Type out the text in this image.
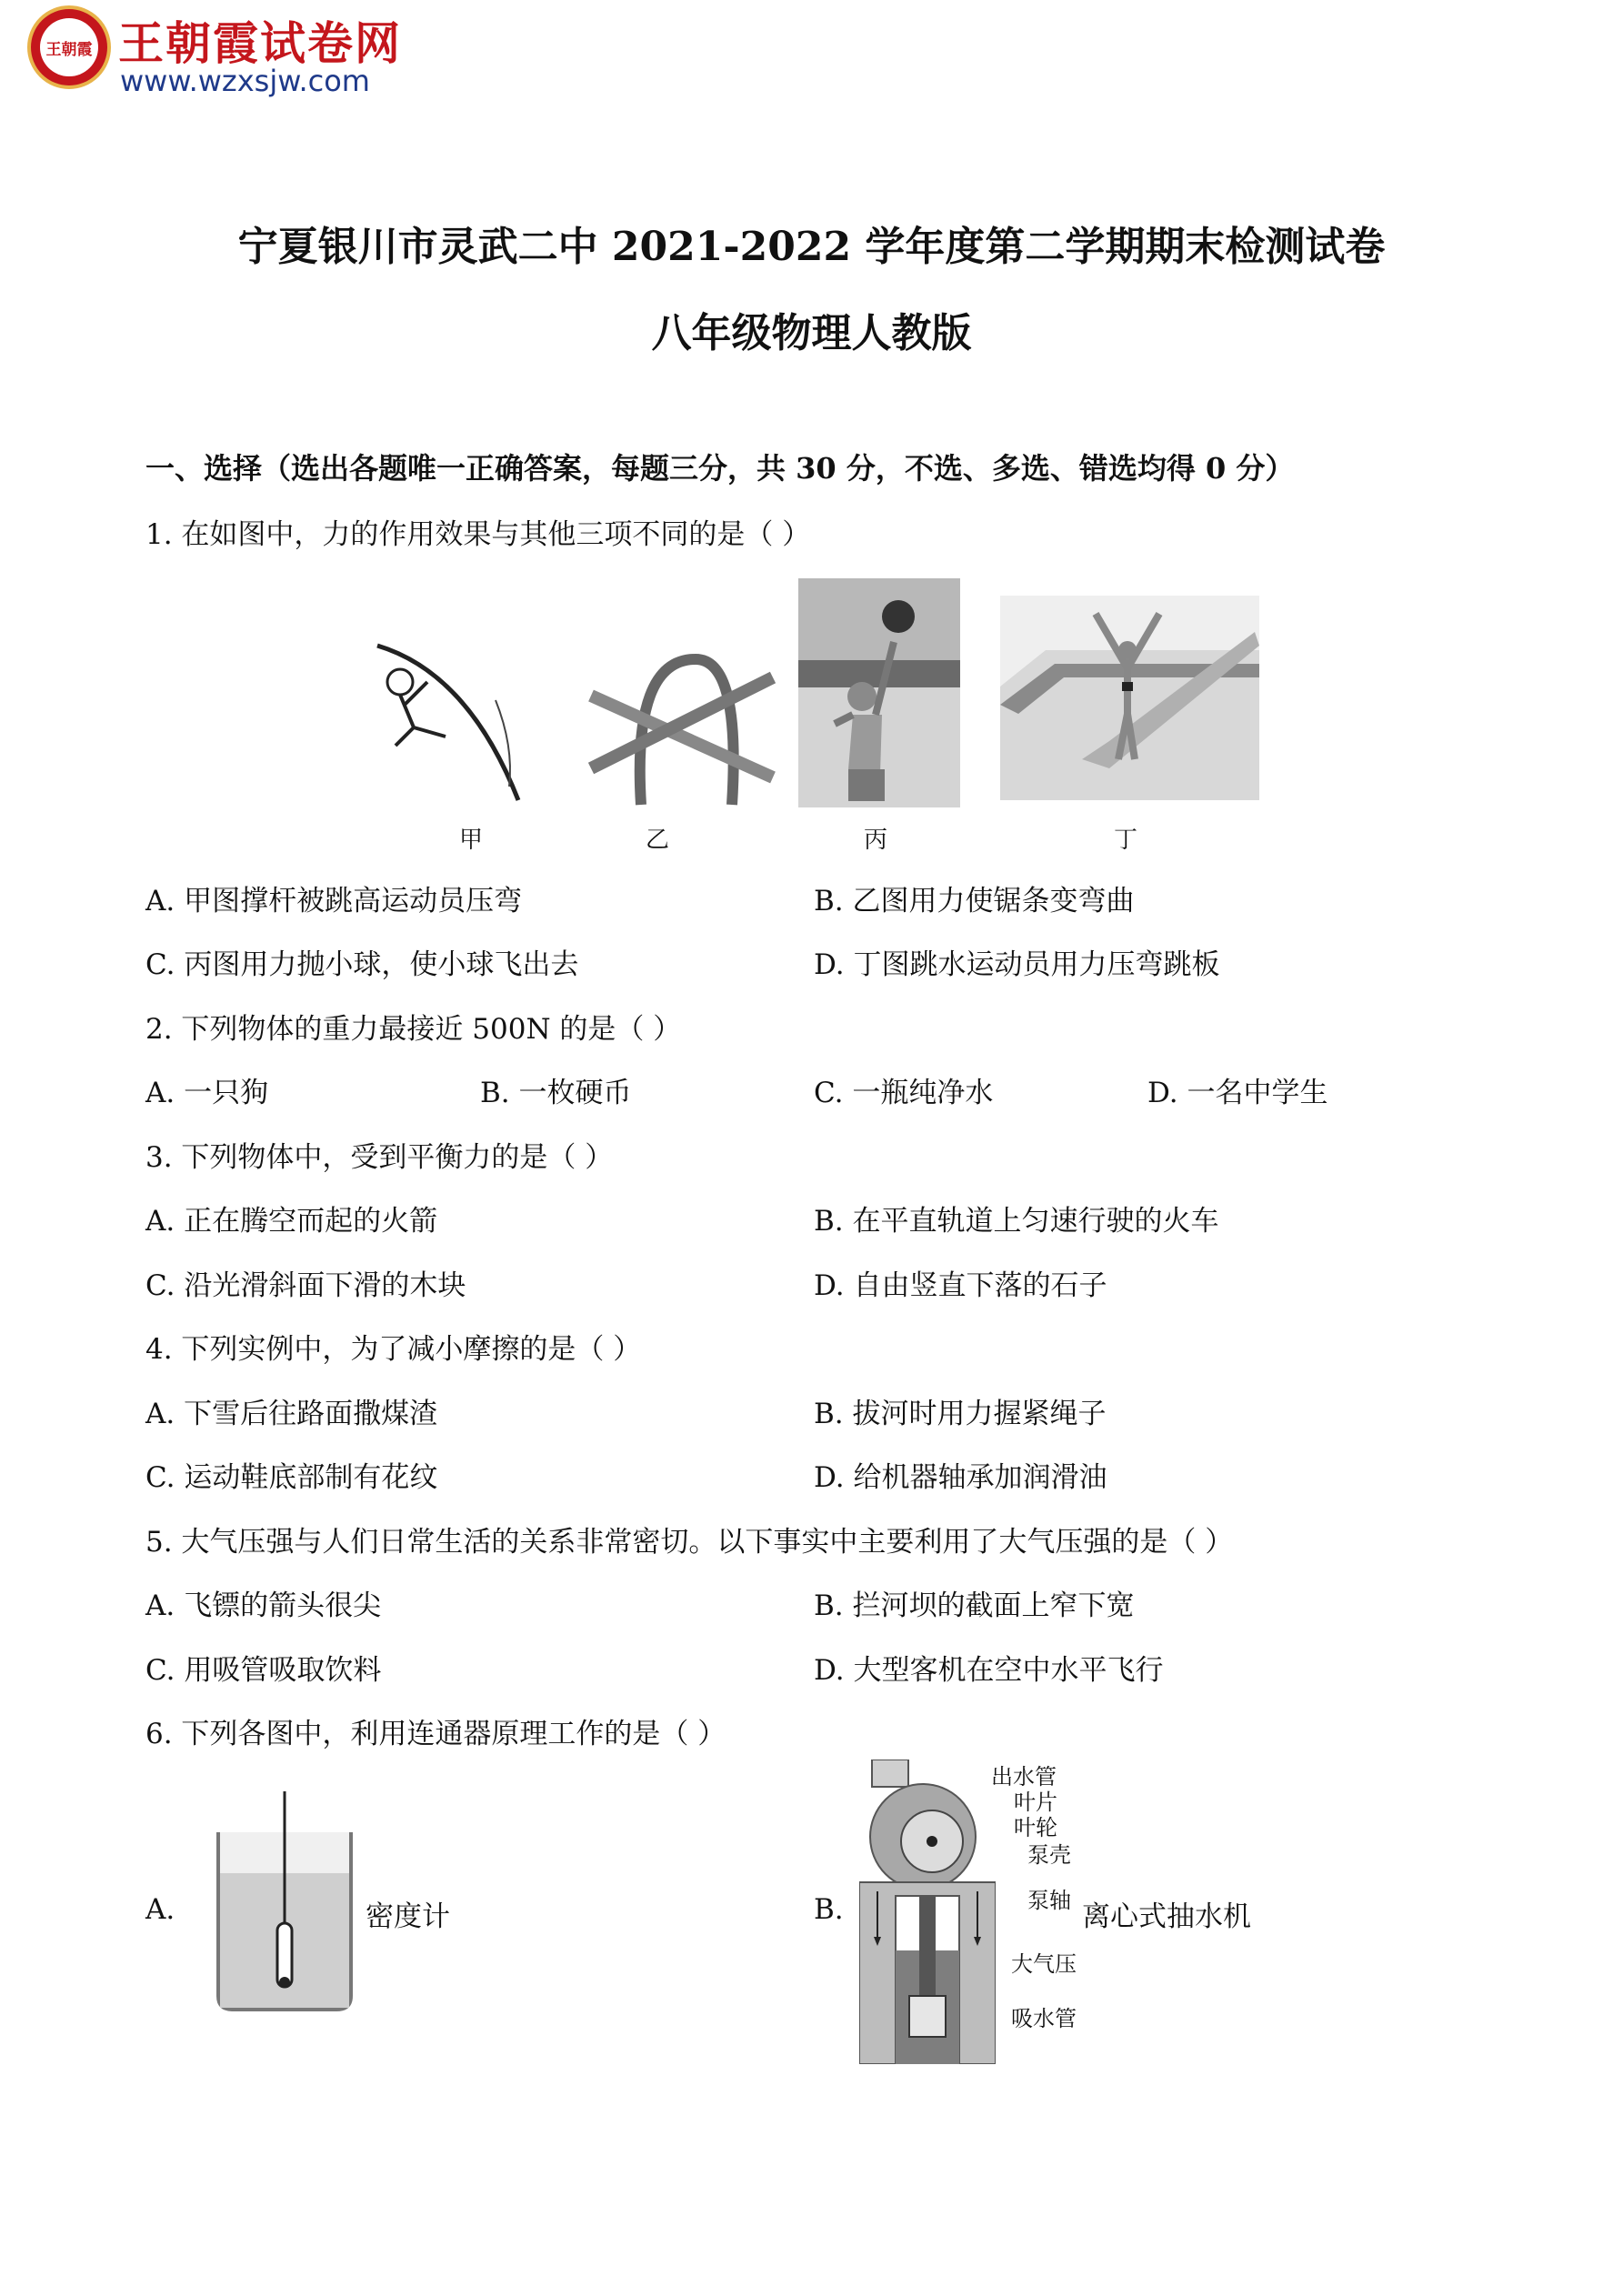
王朝霞 王朝霞试卷网
www.wzxsjw.com
宁夏银川市灵武二中 2021-2022 学年度第二学期期末检测试卷
八年级物理人教版
一、选择（选出各题唯一正确答案，每题三分，共 30 分，不选、多选、错选均得 0 分）
1. 在如图中，力的作用效果与其他三项不同的是（ ）
甲	乙	丙	丁
A. 甲图撑杆被跳高运动员压弯	B. 乙图用力使锯条变弯曲
C. 丙图用力抛小球，使小球飞出去	D. 丁图跳水运动员用力压弯跳板
2. 下列物体的重力最接近 500N 的是（ ）
A. 一只狗	B. 一枚硬币	C. 一瓶纯净水	D. 一名中学生
3. 下列物体中，受到平衡力的是（ ）
A. 正在腾空而起的火箭	B. 在平直轨道上匀速行驶的火车
C. 沿光滑斜面下滑的木块	D. 自由竖直下落的石子
4. 下列实例中，为了减小摩擦的是（ ）
A. 下雪后往路面撒煤渣	B. 拔河时用力握紧绳子
C. 运动鞋底部制有花纹	D. 给机器轴承加润滑油
5. 大气压强与人们日常生活的关系非常密切。以下事实中主要利用了大气压强的是（ ）
A. 飞镖的箭头很尖	B. 拦河坝的截面上窄下宽
C. 用吸管吸取饮料	D. 大型客机在空中水平飞行
6. 下列各图中，利用连通器原理工作的是（ ）
A.	密度计	B.
出水管
叶片
叶轮
泵壳
泵轴 离心式抽水机
大气压
吸水管
